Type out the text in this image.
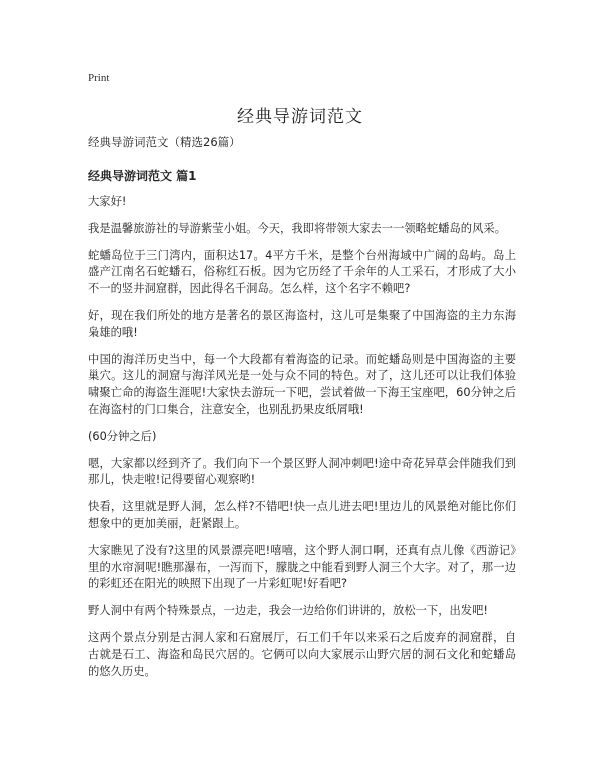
Print
经典导游词范文

经典导游词范文（精选26篇）

经典导游词范文 篇1

大家好!

我是温馨旅游社的导游紫莹小姐。今天，我即将带领大家去一一领略蛇蟠岛的风采。

蛇蟠岛位于三门湾内，面积达17。4平方千米，是整个台州海域中广阔的岛屿。岛上盛产江南名石蛇蟠石，俗称红石板。因为它历经了千余年的人工采石，才形成了大小不一的竖井洞窟群，因此得名千洞岛。怎么样，这个名字不赖吧?

好，现在我们所处的地方是著名的景区海盗村，这儿可是集聚了中国海盗的主力东海枭雄的哦!

中国的海洋历史当中，每一个大段都有着海盗的记录。而蛇蟠岛则是中国海盗的主要巢穴。这儿的洞窟与海洋风光是一处与众不同的特色。对了，这儿还可以让我们体验啸聚亡命的海盗生涯呢!大家快去游玩一下吧，尝试着做一下海王宝座吧，60分钟之后在海盗村的门口集合，注意安全，也别乱扔果皮纸屑哦!

(60分钟之后)

嗯，大家都以经到齐了。我们向下一个景区野人洞冲刺吧!途中奇花异草会伴随我们到那儿，快走啦!记得要留心观察哟!

快看，这里就是野人洞，怎么样?不错吧!快一点儿进去吧!里边儿的风景绝对能比你们想象中的更加美丽，赶紧跟上。

大家瞧见了没有?这里的风景漂亮吧!嘻嘻，这个野人洞口啊，还真有点儿像《西游记》里的水帘洞呢!瞧那瀑布，一泻而下，朦胧之中能看到野人洞三个大字。对了，那一边的彩虹还在阳光的映照下出现了一片彩虹呢!好看吧?

野人洞中有两个特殊景点，一边走，我会一边给你们讲讲的，放松一下，出发吧!

这两个景点分别是古洞人家和石窟展厅，石工们千年以来采石之后废弃的洞窟群，自古就是石工、海盗和岛民穴居的。它俩可以向大家展示山野穴居的洞石文化和蛇蟠岛的悠久历史。
